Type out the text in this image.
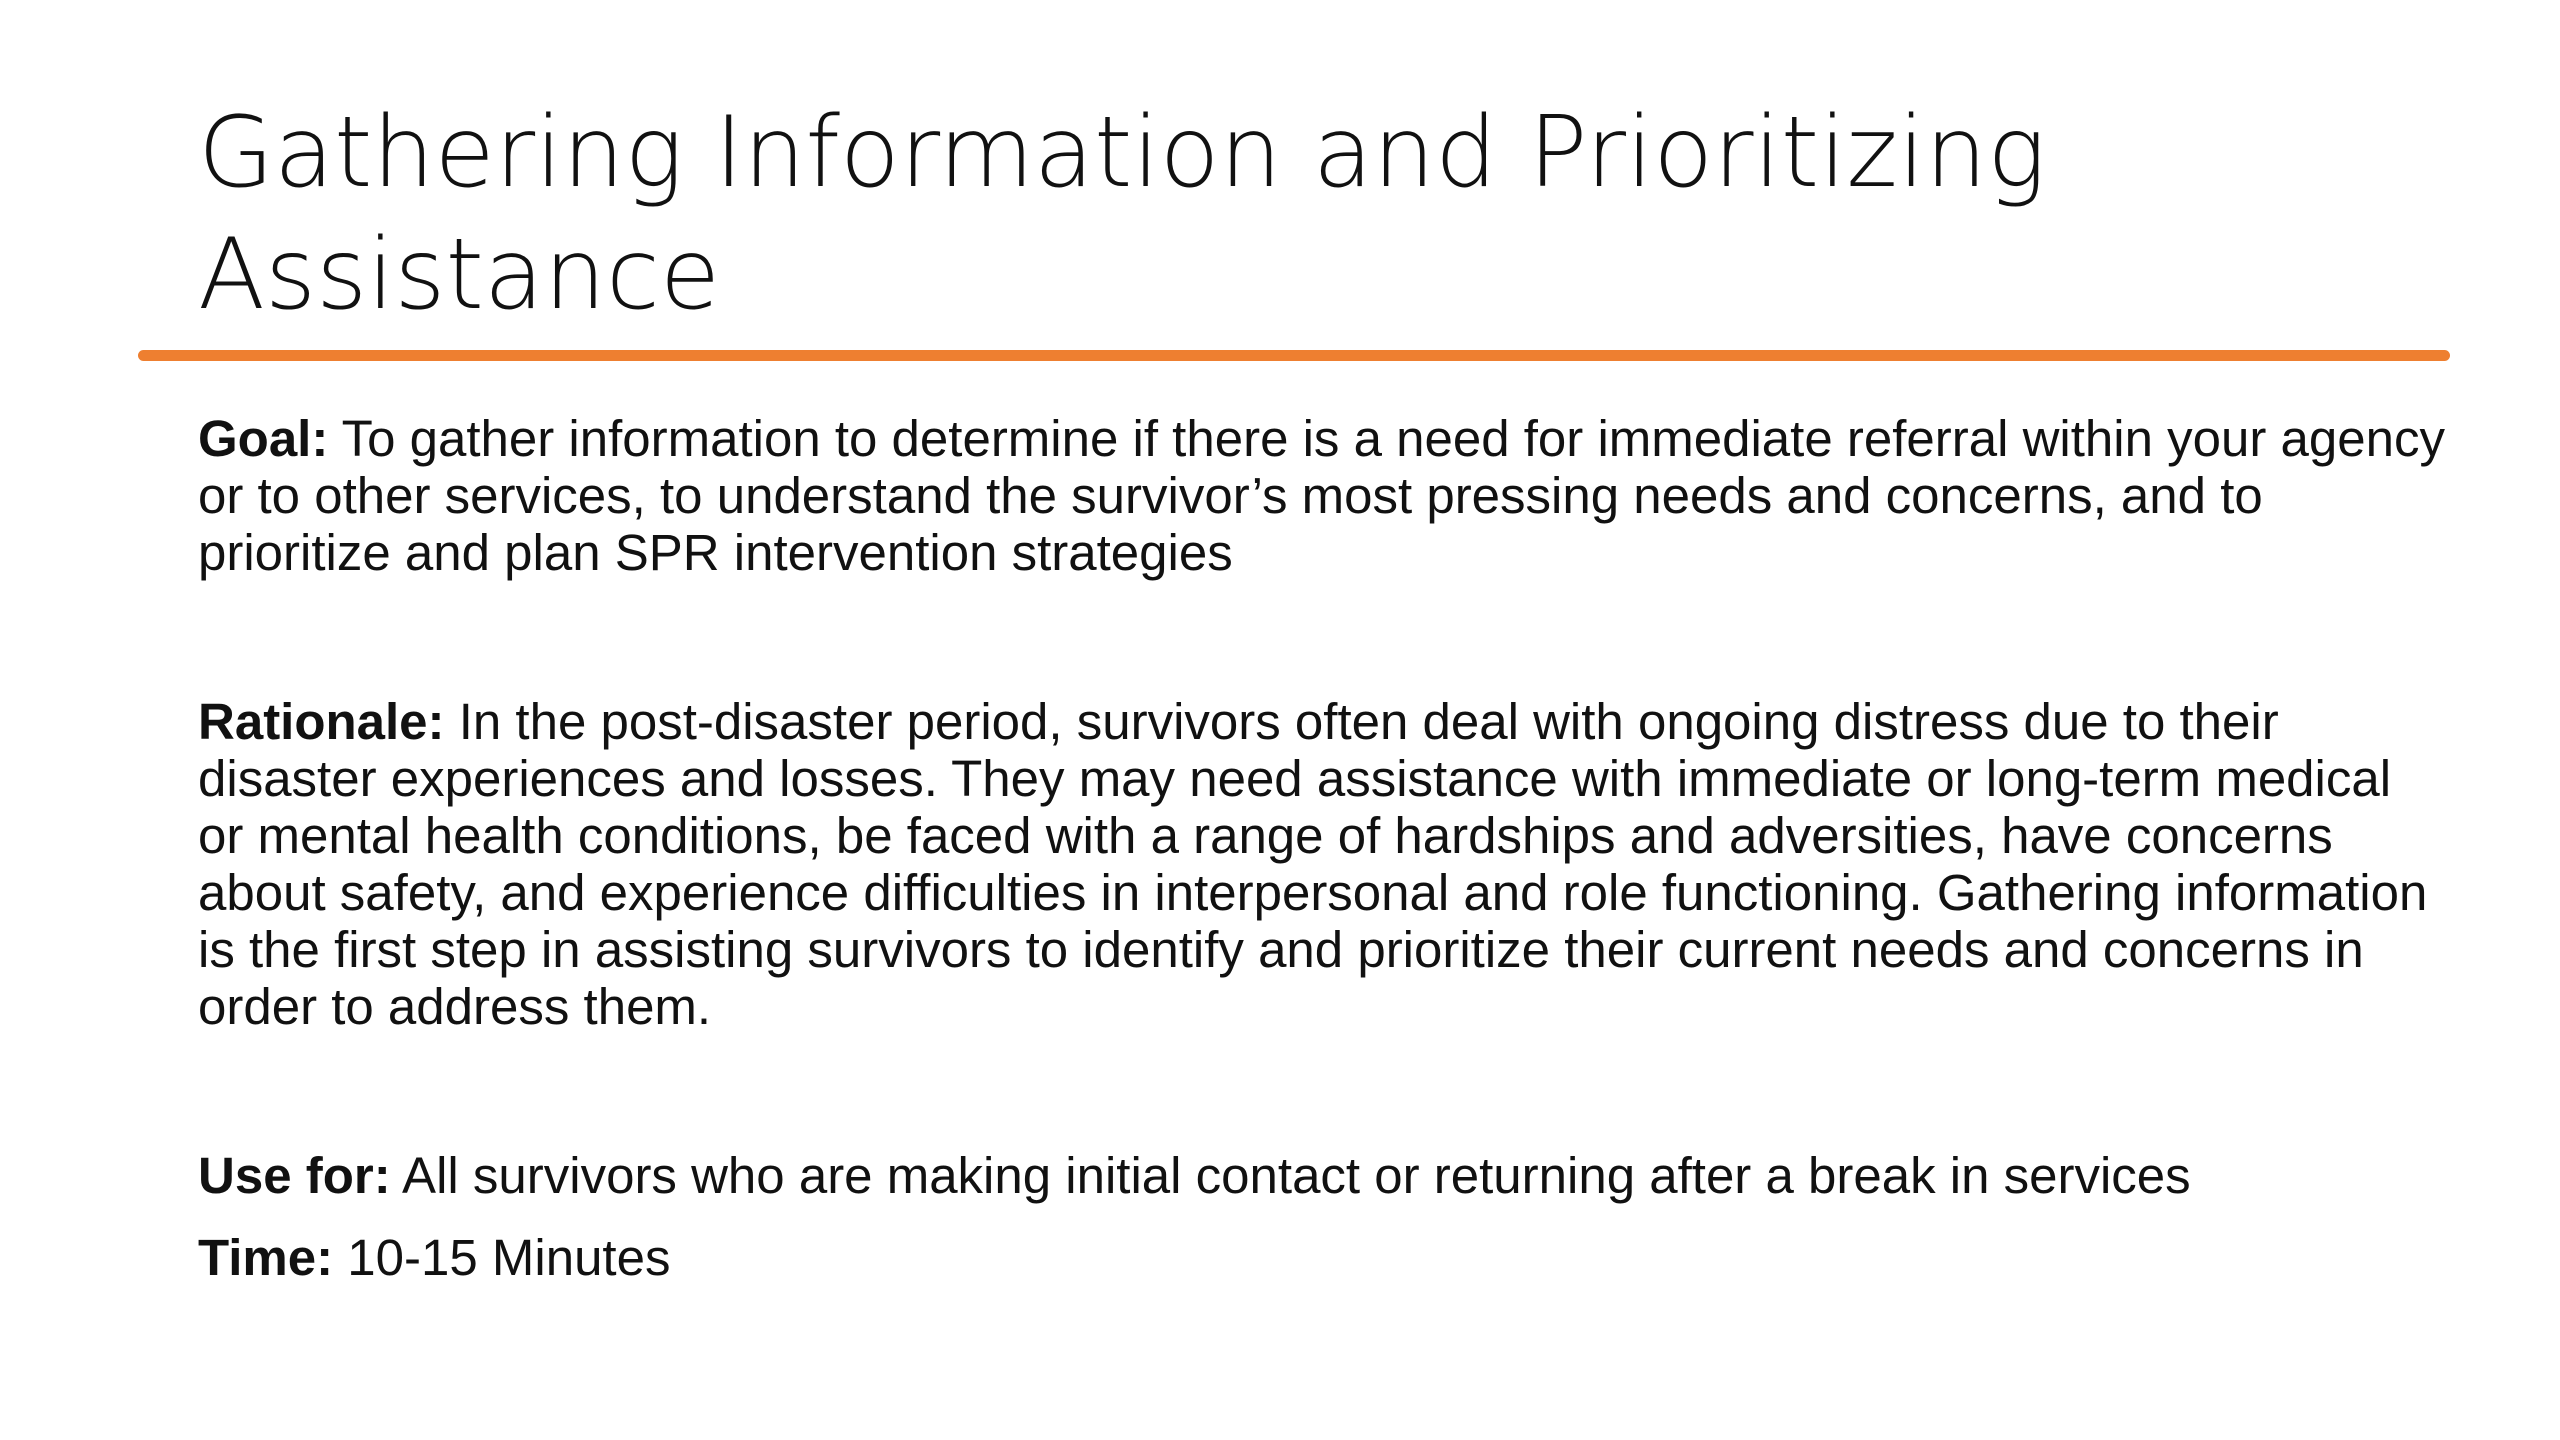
Gathering Information and Prioritizing Assistance

Goal: To gather information to determine if there is a need for immediate referral within your agency or to other services, to understand the survivor’s most pressing needs and concerns, and to prioritize and plan SPR intervention strategies

Rationale: In the post-disaster period, survivors often deal with ongoing distress due to their disaster experiences and losses. They may need assistance with immediate or long-term medical or mental health conditions, be faced with a range of hardships and adversities, have concerns about safety, and experience difficulties in interpersonal and role functioning. Gathering information is the first step in assisting survivors to identify and prioritize their current needs and concerns in order to address them.

Use for: All survivors who are making initial contact or returning after a break in services

Time: 10-15 Minutes
